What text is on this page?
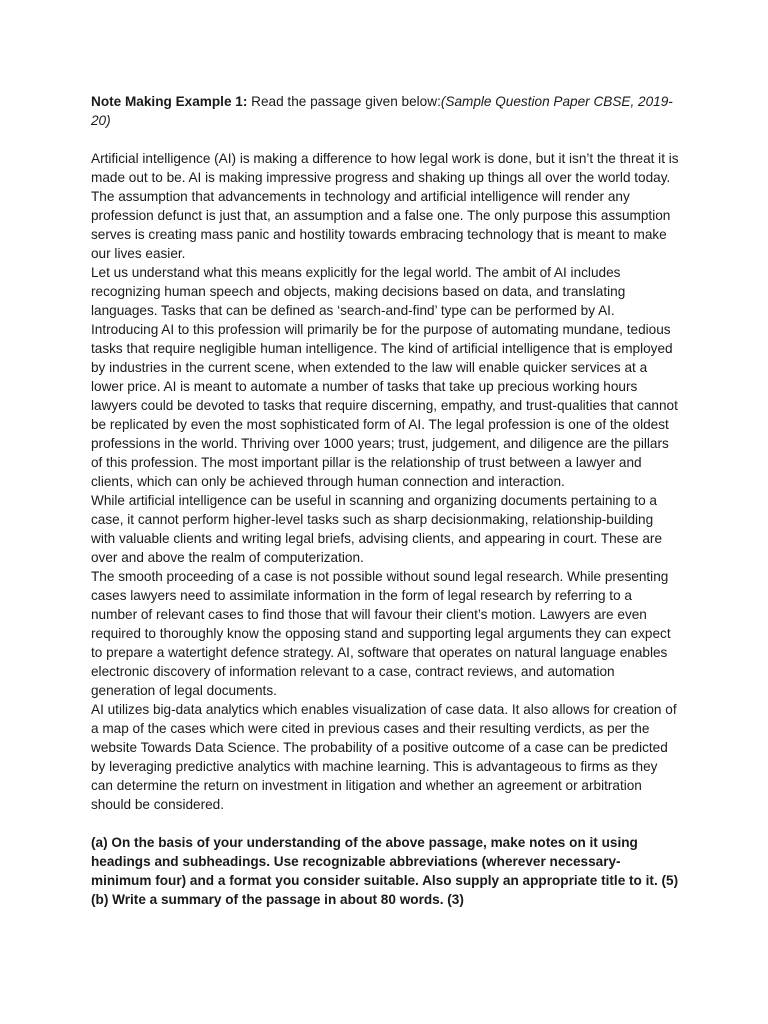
Note Making Example 1: Read the passage given below:(Sample Question Paper CBSE, 2019-20)

Artificial intelligence (AI) is making a difference to how legal work is done, but it isn’t the threat it is made out to be. AI is making impressive progress and shaking up things all over the world today. The assumption that advancements in technology and artificial intelligence will render any profession defunct is just that, an assumption and a false one. The only purpose this assumption serves is creating mass panic and hostility towards embracing technology that is meant to make our lives easier.

Let us understand what this means explicitly for the legal world. The ambit of AI includes recognizing human speech and objects, making decisions based on data, and translating languages. Tasks that can be defined as ‘search-and-find’ type can be performed by AI. Introducing AI to this profession will primarily be for the purpose of automating mundane, tedious tasks that require negligible human intelligence. The kind of artificial intelligence that is employed by industries in the current scene, when extended to the law will enable quicker services at a lower price. AI is meant to automate a number of tasks that take up precious working hours lawyers could be devoted to tasks that require discerning, empathy, and trust-qualities that cannot be replicated by even the most sophisticated form of AI. The legal profession is one of the oldest professions in the world. Thriving over 1000 years; trust, judgement, and diligence are the pillars of this profession. The most important pillar is the relationship of trust between a lawyer and clients, which can only be achieved through human connection and interaction.

While artificial intelligence can be useful in scanning and organizing documents pertaining to a case, it cannot perform higher-level tasks such as sharp decisionmaking, relationship-building with valuable clients and writing legal briefs, advising clients, and appearing in court. These are over and above the realm of computerization.

The smooth proceeding of a case is not possible without sound legal research. While presenting cases lawyers need to assimilate information in the form of legal research by referring to a number of relevant cases to find those that will favour their client’s motion. Lawyers are even required to thoroughly know the opposing stand and supporting legal arguments they can expect to prepare a watertight defence strategy. AI, software that operates on natural language enables electronic discovery of information relevant to a case, contract reviews, and automation generation of legal documents.

AI utilizes big-data analytics which enables visualization of case data. It also allows for creation of a map of the cases which were cited in previous cases and their resulting verdicts, as per the website Towards Data Science. The probability of a positive outcome of a case can be predicted by leveraging predictive analytics with machine learning. This is advantageous to firms as they can determine the return on investment in litigation and whether an agreement or arbitration should be considered.

(a) On the basis of your understanding of the above passage, make notes on it using headings and subheadings. Use recognizable abbreviations (wherever necessary- minimum four) and a format you consider suitable. Also supply an appropriate title to it. (5)

(b) Write a summary of the passage in about 80 words. (3)
